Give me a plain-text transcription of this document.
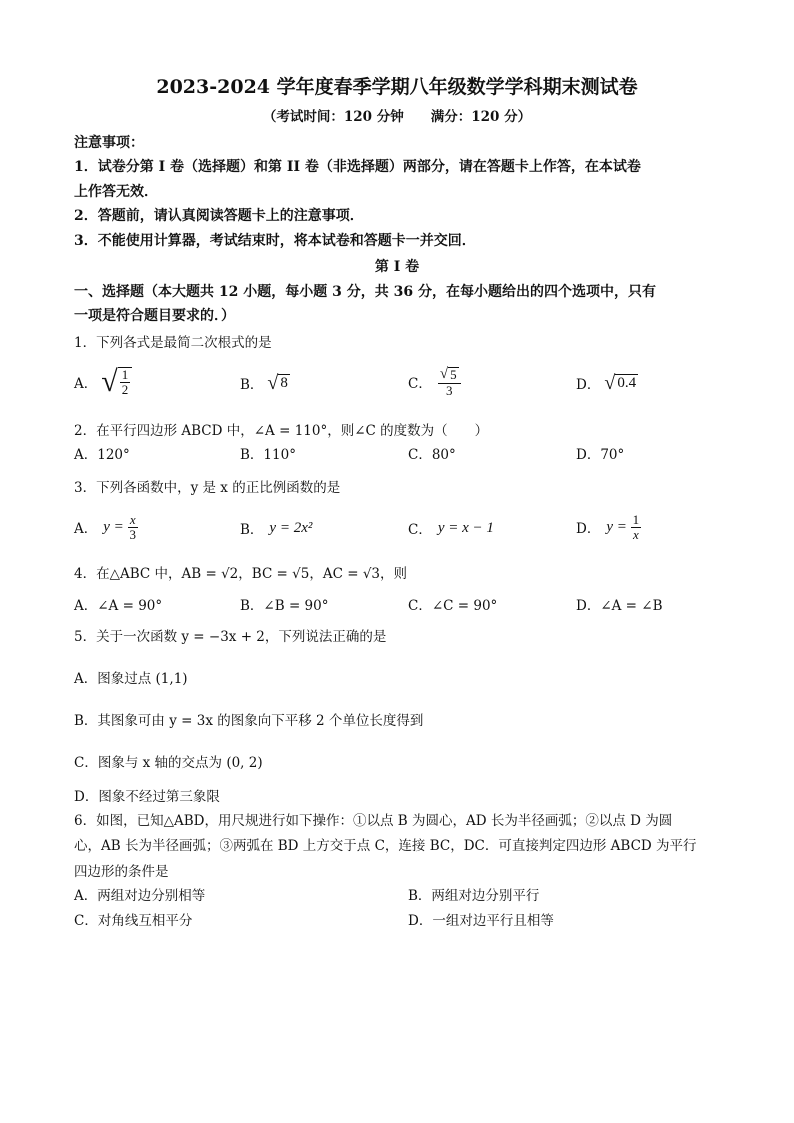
2023-2024 学年度春季学期八年级数学学科期末测试卷
（考试时间：120 分钟　　满分：120 分）
注意事项：
1．试卷分第 I 卷（选择题）和第 II 卷（非选择题）两部分，请在答题卡上作答，在本试卷
上作答无效．
2．答题前，请认真阅读答题卡上的注意事项．
3．不能使用计算器，考试结束时，将本试卷和答题卡一并交回．
第 I 卷
一、选择题（本大题共 12 小题，每小题 3 分，共 36 分，在每小题给出的四个选项中，只有
一项是符合题目要求的．）
1．下列各式是最简二次根式的是
A． √ $\frac{1}{2}$	B． √ 8	C． $\frac{√ 5}{3}$	D． √ 0.4
2．在平行四边形 ABCD 中，∠A = 110°，则∠C 的度数为（　　）
A．120°	B．110°	C．80°	D．70°
3．下列各函数中，y 是 x 的正比例函数的是
A． $y = \frac{x}{3}$	B． y = 2x²	C． y = x − 1	D． $y = \frac{1}{x}$
4．在△ABC 中，AB = √2，BC = √5，AC = √3，则
A．∠A = 90°	B．∠B = 90°	C．∠C = 90°	D．∠A = ∠B
5．关于一次函数 y = −3x + 2，下列说法正确的是
A．图象过点 (1,1)
B．其图象可由 y = 3x 的图象向下平移 2 个单位长度得到
C．图象与 x 轴的交点为 (0, 2)
D．图象不经过第三象限
6．如图，已知△ABD，用尺规进行如下操作：①以点 B 为圆心，AD 长为半径画弧；②以点 D 为圆
心，AB 长为半径画弧；③两弧在 BD 上方交于点 C，连接 BC，DC．可直接判定四边形 ABCD 为平行
四边形的条件是
A．两组对边分别相等	B．两组对边分别平行
C．对角线互相平分	D．一组对边平行且相等
